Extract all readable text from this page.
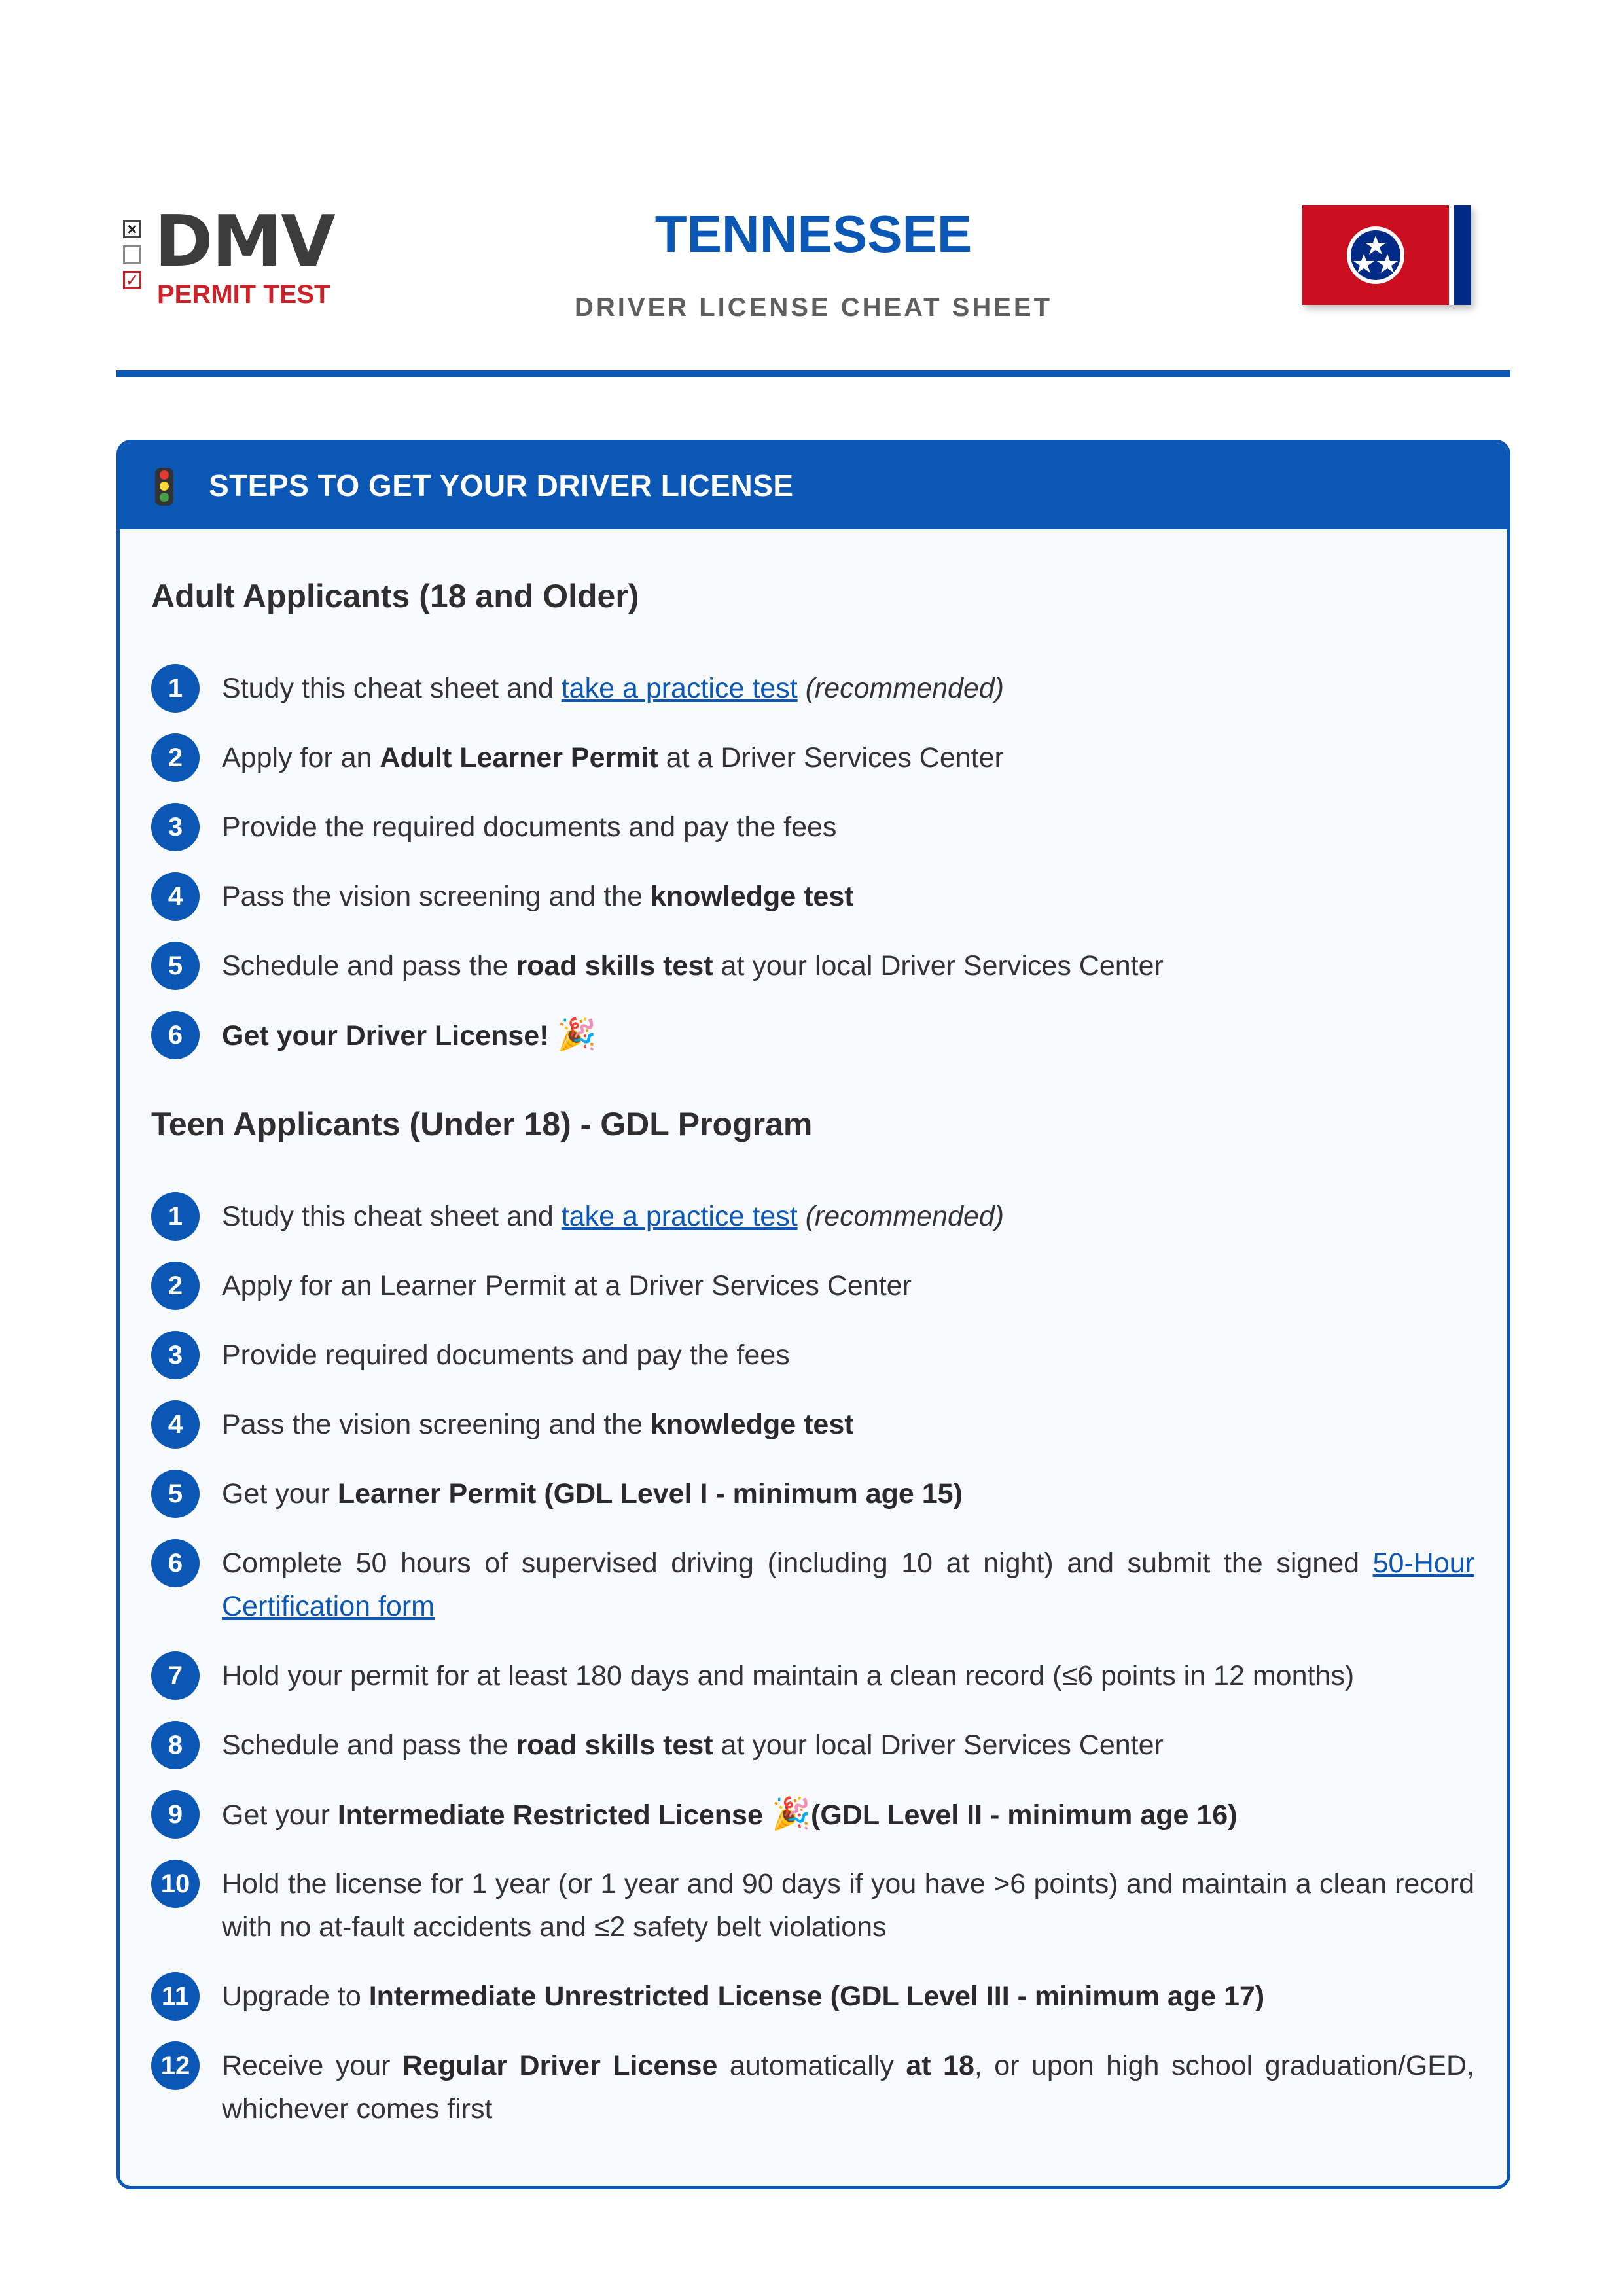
×
✓ DMV
PERMIT TEST
TENNESSEE
DRIVER LICENSE CHEAT SHEET
STEPS TO GET YOUR DRIVER LICENSE
Adult Applicants (18 and Older)
1	Study this cheat sheet and take a practice test (recommended)
2	Apply for an Adult Learner Permit at a Driver Services Center
3	Provide the required documents and pay the fees
4	Pass the vision screening and the knowledge test
5	Schedule and pass the road skills test at your local Driver Services Center
6	Get your Driver License! 🎉
Teen Applicants (Under 18) - GDL Program
1	Study this cheat sheet and take a practice test (recommended)
2	Apply for an Learner Permit at a Driver Services Center
3	Provide required documents and pay the fees
4	Pass the vision screening and the knowledge test
5	Get your Learner Permit (GDL Level I - minimum age 15)
6	Complete 50 hours of supervised driving (including 10 at night) and submit the signed 50-Hour Certification form
7	Hold your permit for at least 180 days and maintain a clean record (≤6 points in 12 months)
8	Schedule and pass the road skills test at your local Driver Services Center
9	Get your Intermediate Restricted License 🎉(GDL Level II - minimum age 16)
10	Hold the license for 1 year (or 1 year and 90 days if you have >6 points) and maintain a clean record with no at-fault accidents and ≤2 safety belt violations
11	Upgrade to Intermediate Unrestricted License (GDL Level III - minimum age 17)
12	Receive your Regular Driver License automatically at 18, or upon high school graduation/GED, whichever comes first
